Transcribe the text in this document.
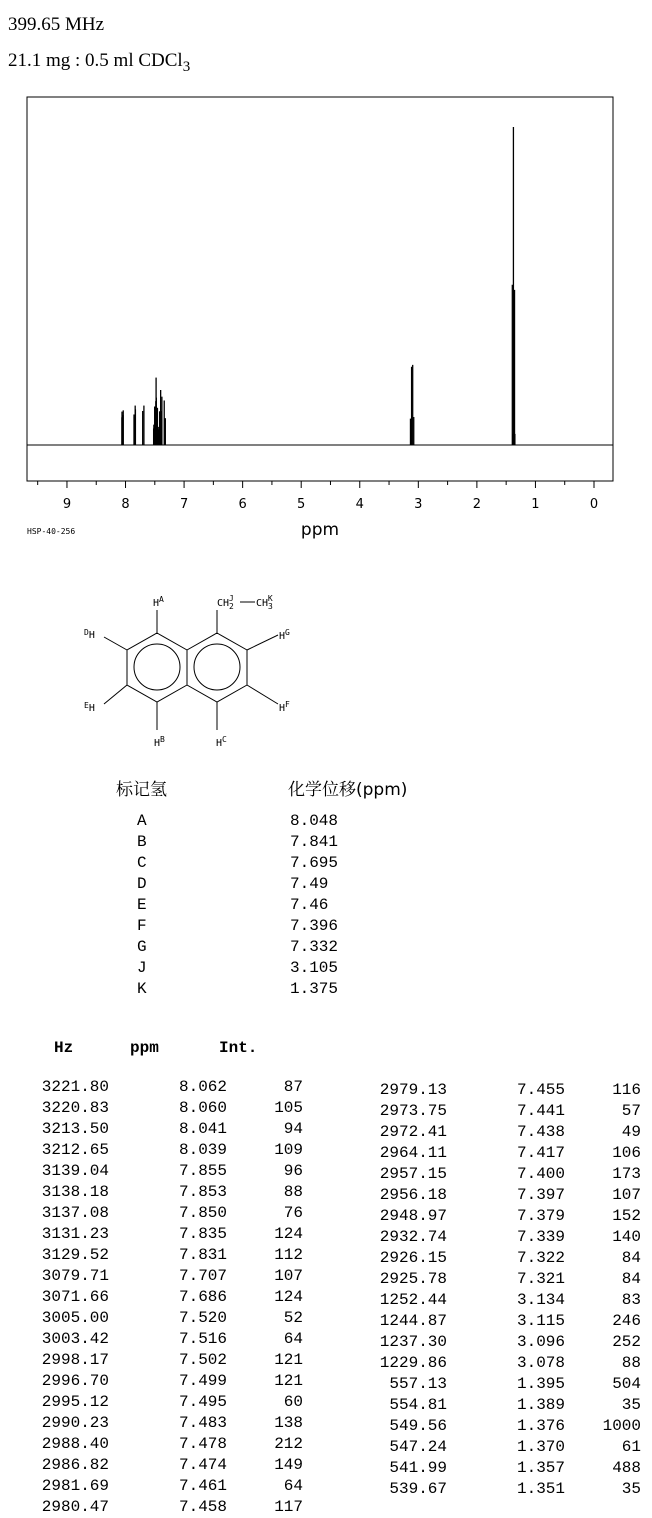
399.65 MHz
21.1 mg : 0.5 ml CDCl$_3$
9	8	7	6	5	4	3	2	1	0
ppm
HSP-40-256
$H^A$	$CH_2J$ $CH_3K$
$H^G$
$^D$H
$^E$H	$H^F$
$H^B$	$H^C$
标记氢	化学位移(ppm)
A	8.048
B	7.841
C	7.695
D	7.49
E	7.46
F	7.396
G	7.332
J	3.105
K	1.375
Hz	ppm	Int.
3221.80	8.062	87
3220.83	8.060	105
3213.50	8.041	94
3212.65	8.039	109
3139.04	7.855	96
3138.18	7.853	88
3137.08	7.850	76
3131.23	7.835	124
3129.52	7.831	112
3079.71	7.707	107
3071.66	7.686	124
3005.00	7.520	52
3003.42	7.516	64
2998.17	7.502	121
2996.70	7.499	121
2995.12	7.495	60
2990.23	7.483	138
2988.40	7.478	212
2986.82	7.474	149
2981.69	7.461	64
2980.47	7.458	117
2979.13	7.455	116
2973.75	7.441	57
2972.41	7.438	49
2964.11	7.417	106
2957.15	7.400	173
2956.18	7.397	107
2948.97	7.379	152
2932.74	7.339	140
2926.15	7.322	84
2925.78	7.321	84
1252.44	3.134	83
1244.87	3.115	246
1237.30	3.096	252
1229.86	3.078	88
557.13	1.395	504
554.81	1.389	35
549.56	1.376	1000
547.24	1.370	61
541.99	1.357	488
539.67	1.351	35
